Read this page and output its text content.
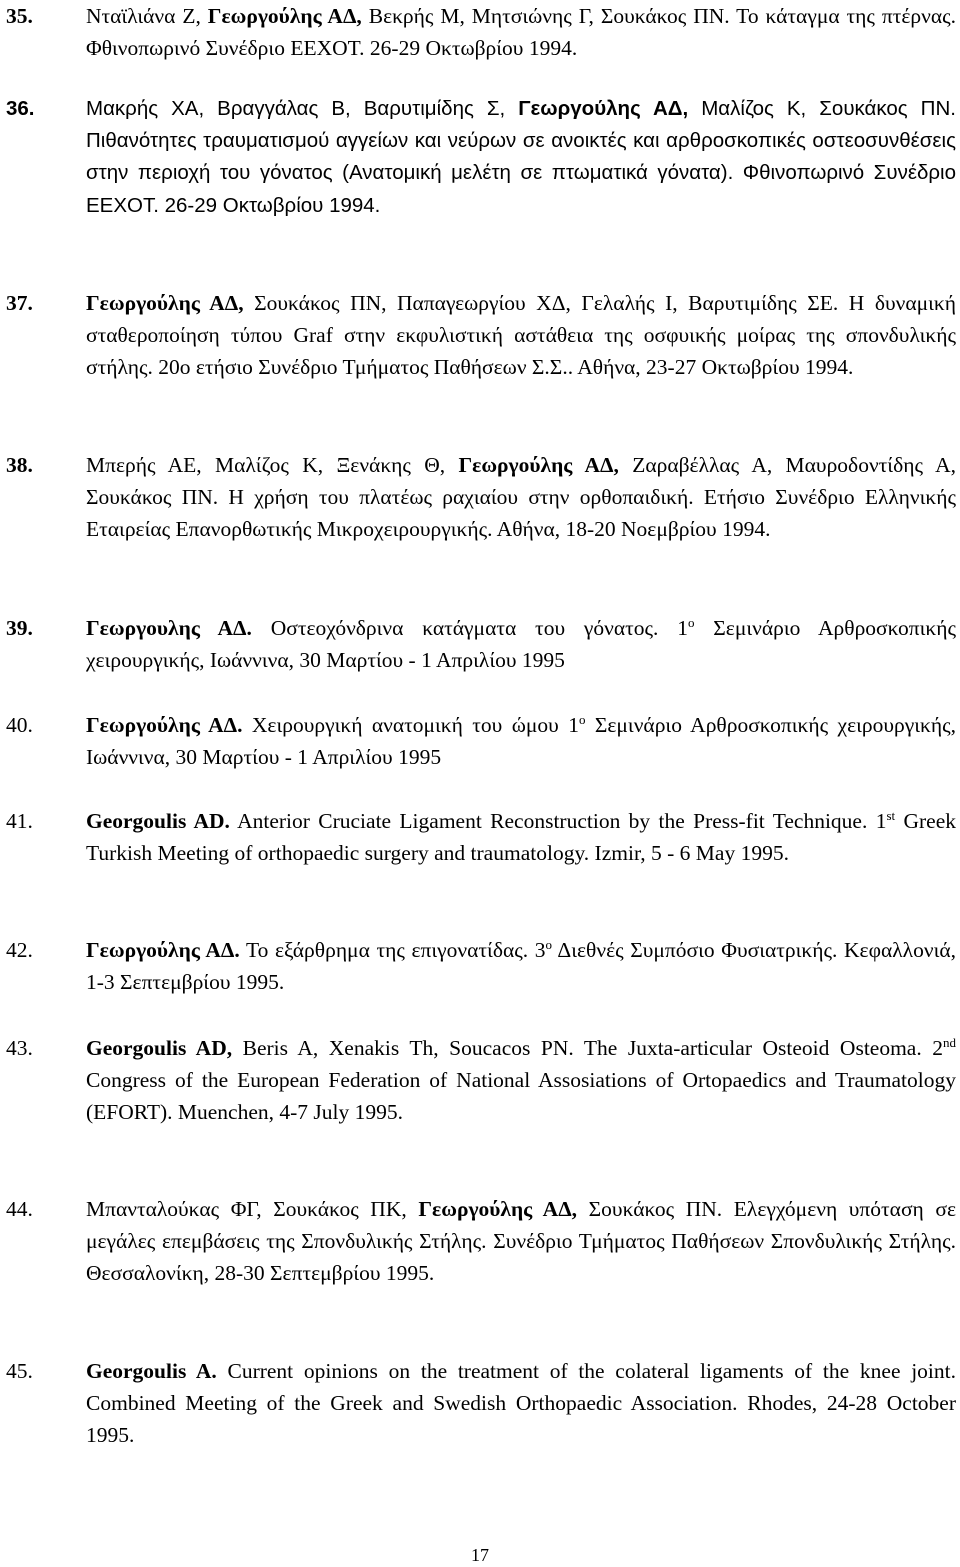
35.	Νταϊλιάνα Ζ, Γεωργούλης ΑΔ, Βεκρής Μ, Μητσιώνης Γ, Σουκάκος ΠΝ. Το κάταγμα της πτέρνας. Φθινοπωρινό Συνέδριο ΕΕΧΟΤ. 26-29 Οκτωβρίου 1994.
36.	Μακρής ΧΑ, Βραγγάλας Β, Βαρυτιμίδης Σ, Γεωργούλης ΑΔ, Μαλίζος Κ, Σουκάκος ΠΝ. Πιθανότητες τραυματισμού αγγείων και νεύρων σε ανοικτές και αρθροσκοπικές οστεοσυνθέσεις στην περιοχή του γόνατος (Ανατομική μελέτη σε πτωματικά γόνατα). Φθινοπωρινό Συνέδριο ΕΕΧΟΤ. 26-29 Οκτωβρίου 1994.
37.	Γεωργούλης ΑΔ, Σουκάκος ΠΝ, Παπαγεωργίου ΧΔ, Γελαλής Ι, Βαρυτιμίδης ΣΕ. Η δυναμική σταθεροποίηση τύπου Graf στην εκφυλιστική αστάθεια της οσφυικής μοίρας της σπονδυλικής στήλης. 20ο ετήσιο Συνέδριο Τμήματος Παθήσεων Σ.Σ.. Αθήνα, 23-27 Οκτωβρίου 1994.
38.	Μπερής ΑΕ, Μαλίζος Κ, Ξενάκης Θ, Γεωργούλης ΑΔ, Ζαραβέλλας Α, Μαυροδοντίδης Α, Σουκάκος ΠΝ. Η χρήση του πλατέως ραχιαίου στην ορθοπαιδική. Ετήσιο Συνέδριο Ελληνικής Εταιρείας Επανορθωτικής Μικροχειρουργικής. Αθήνα, 18-20 Νοεμβρίου 1994.
39.	Γεωργουλης ΑΔ. Οστεοχόνδρινα κατάγματα του γόνατος. $1^o$ Σεμινάριο Αρθροσκοπικής χειρουργικής, Ιωάννινα, 30 Μαρτίου - 1 Απριλίου 1995
40.	Γεωργούλης ΑΔ. Χειρουργική ανατομική του ώμου $1^o$ Σεμινάριο Αρθροσκοπικής χειρουργικής, Ιωάννινα, 30 Μαρτίου - 1 Απριλίου 1995
41.	Georgoulis AD. Anterior Cruciate Ligament Reconstruction by the Press-fit Technique. 1st Greek Turkish Meeting of orthopaedic surgery and traumatology. Izmir, 5 - 6 May 1995.
42.	Γεωργούλης ΑΔ. Το εξάρθρημα της επιγονατίδας. $3^o$ Διεθνές Συμπόσιο Φυσιατρικής. Κεφαλλονιά, 1-3 Σεπτεμβρίου 1995.
43.	Georgoulis AD, Beris A, Xenakis Th, Soucacos PN. The Juxta-articular Osteoid Osteoma. 2nd Congress of the European Federation of National Assosiations of Ortopaedics and Traumatology (EFORT). Muenchen, 4-7 July 1995.
44.	Μπανταλούκας ΦΓ, Σουκάκος ΠΚ, Γεωργούλης ΑΔ, Σουκάκος ΠΝ. Ελεγχόμενη υπόταση σε μεγάλες επεμβάσεις της Σπονδυλικής Στήλης. Συνέδριο Τμήματος Παθήσεων Σπονδυλικής Στήλης. Θεσσαλονίκη, 28-30 Σεπτεμβρίου 1995.
45.	Georgoulis A. Current opinions on the treatment of the colateral ligaments of the knee joint. Combined Meeting of the Greek and Swedish Orthopaedic Association. Rhodes, 24-28 October 1995.
17
